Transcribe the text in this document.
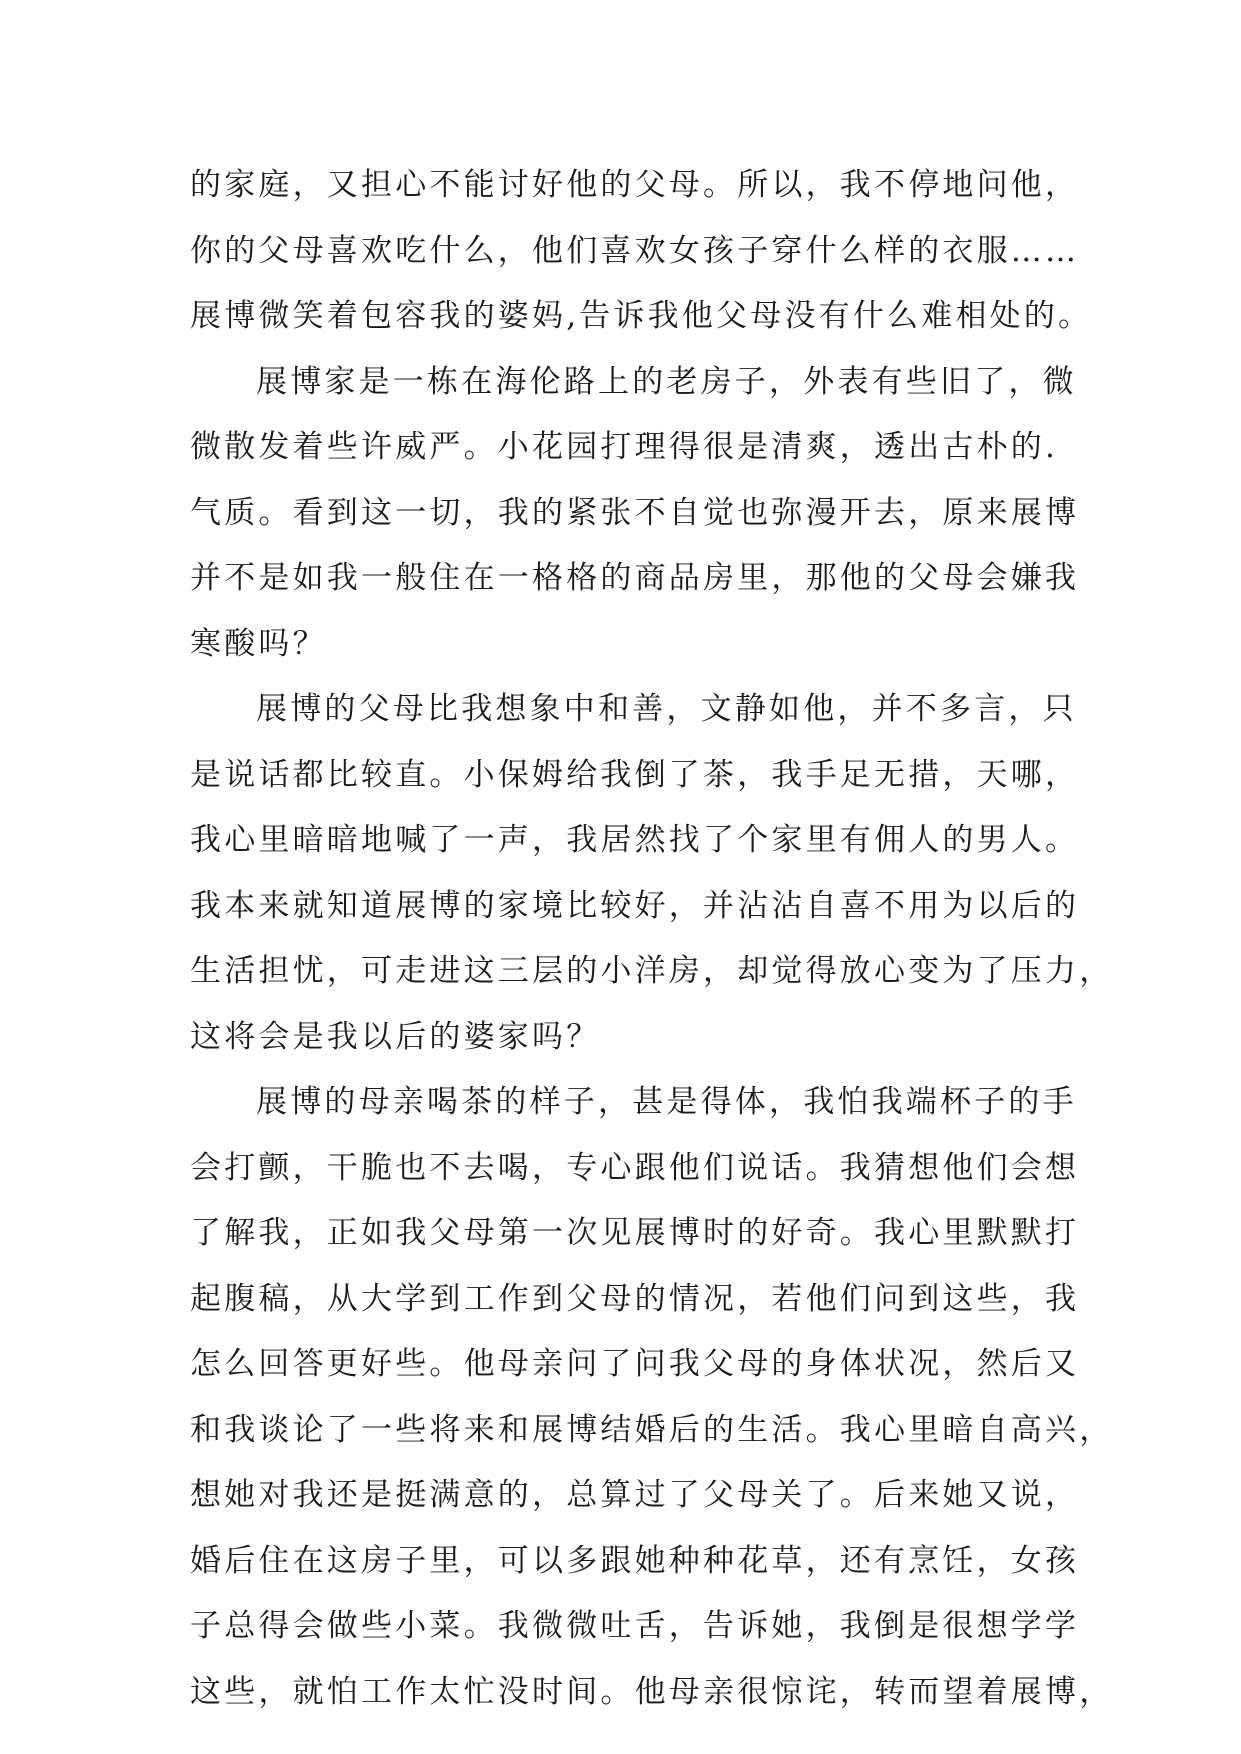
的家庭，又担心不能讨好他的父母。所以，我不停地问他，
你的父母喜欢吃什么，他们喜欢女孩子穿什么样的衣服……
展博微笑着包容我的婆妈,告诉我他父母没有什么难相处的。
展博家是一栋在海伦路上的老房子，外表有些旧了，微
微散发着些许威严。小花园打理得很是清爽，透出古朴的.
气质。看到这一切，我的紧张不自觉也弥漫开去，原来展博
并不是如我一般住在一格格的商品房里，那他的父母会嫌我
寒酸吗？
展博的父母比我想象中和善，文静如他，并不多言，只
是说话都比较直。小保姆给我倒了茶，我手足无措，天哪，
我心里暗暗地喊了一声，我居然找了个家里有佣人的男人。
我本来就知道展博的家境比较好，并沾沾自喜不用为以后的
生活担忧，可走进这三层的小洋房，却觉得放心变为了压力，
这将会是我以后的婆家吗？
展博的母亲喝茶的样子，甚是得体，我怕我端杯子的手
会打颤，干脆也不去喝，专心跟他们说话。我猜想他们会想
了解我，正如我父母第一次见展博时的好奇。我心里默默打
起腹稿，从大学到工作到父母的情况，若他们问到这些，我
怎么回答更好些。他母亲问了问我父母的身体状况，然后又
和我谈论了一些将来和展博结婚后的生活。我心里暗自高兴，
想她对我还是挺满意的，总算过了父母关了。后来她又说，
婚后住在这房子里，可以多跟她种种花草，还有烹饪，女孩
子总得会做些小菜。我微微吐舌，告诉她，我倒是很想学学
这些，就怕工作太忙没时间。他母亲很惊诧，转而望着展博，
